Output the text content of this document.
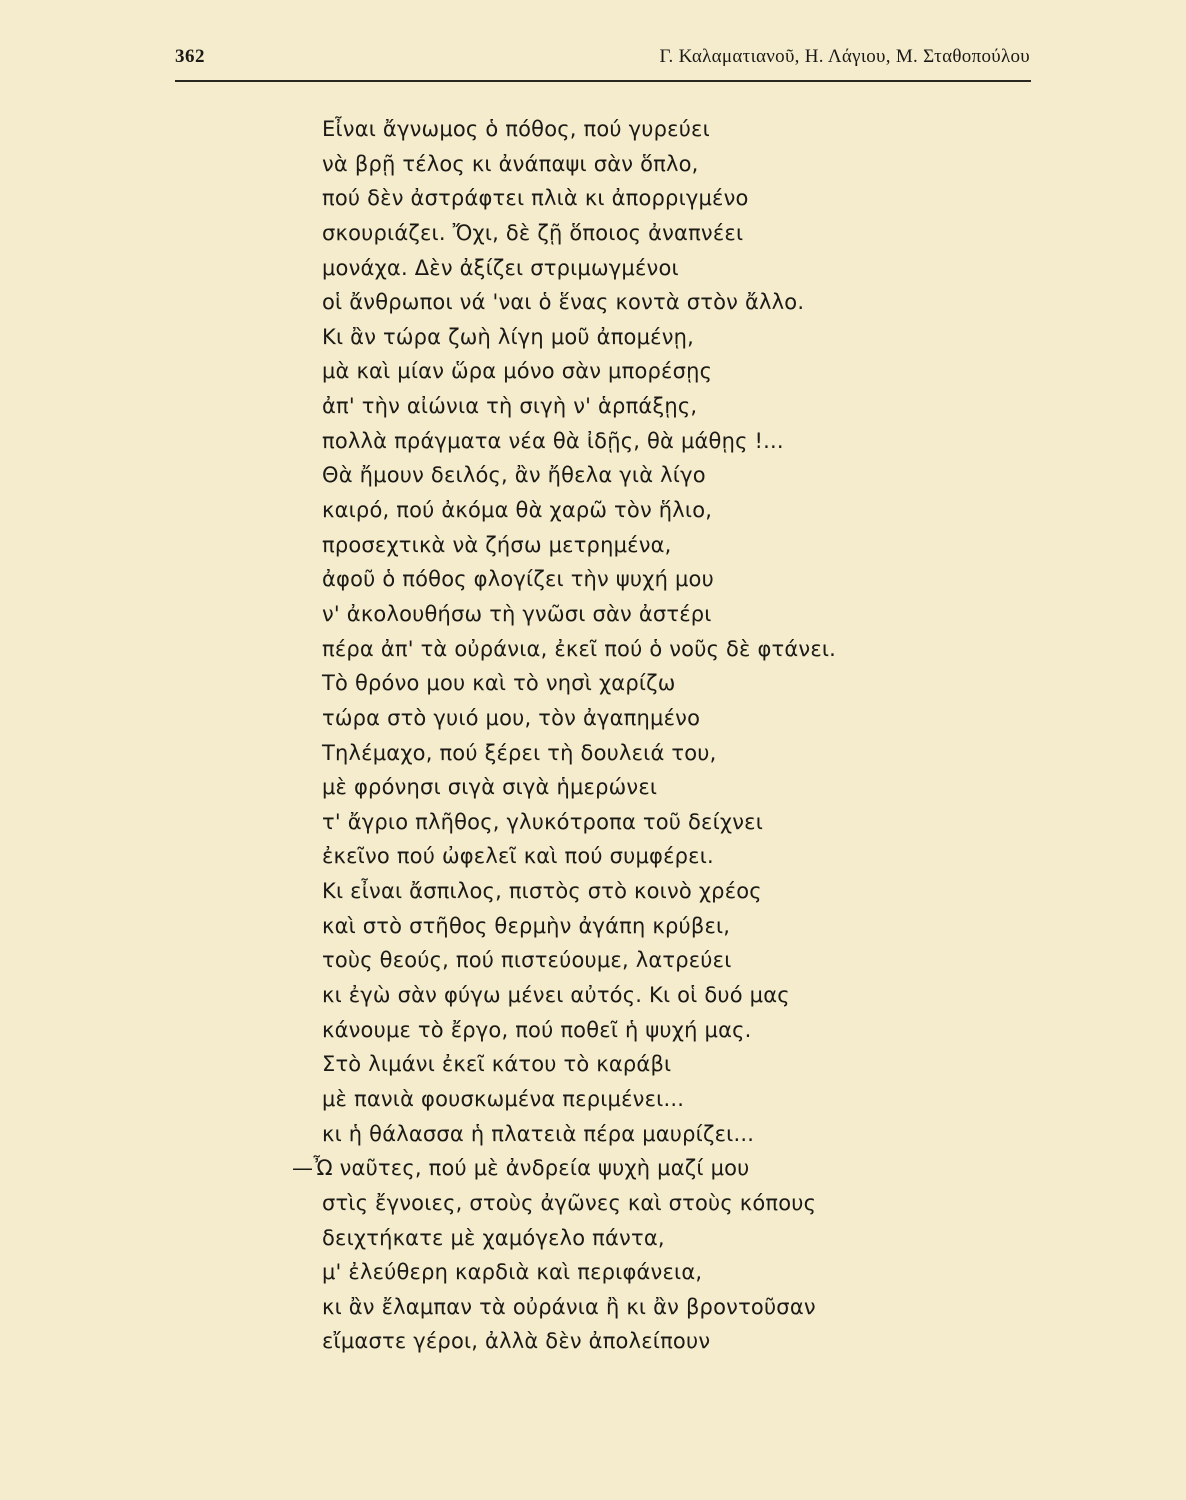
362	Γ. Καλαματιανοῦ, Η. Λάγιου, Μ. Σταθοπούλου
Εἶναι ἄγνωμος ὁ πόθος, πού γυρεύει
νὰ βρῇ τέλος κι ἀνάπαψι σὰν ὅπλο,
πού δὲν ἀστράφτει πλιὰ κι ἀπορριγμένο
σκουριάζει. Ὄχι, δὲ ζῇ ὅποιος ἀναπνέει
μονάχα. Δὲν ἀξίζει στριμωγμένοι
οἱ ἄνθρωποι νά 'ναι ὁ ἕνας κοντὰ στὸν ἄλλο.
Κι ἂν τώρα ζωὴ λίγη μοῦ ἀπομένῃ,
μὰ καὶ μίαν ὥρα μόνο σὰν μπορέσῃς
ἀπ' τὴν αἰώνια τὴ σιγὴ ν' ἁρπάξῃς,
πολλὰ πράγματα νέα θὰ ἰδῇς, θὰ μάθῃς !...
Θὰ ἤμουν δειλός, ἂν ἤθελα γιὰ λίγο
καιρό, πού ἀκόμα θὰ χαρῶ τὸν ἥλιο,
προσεχτικὰ νὰ ζήσω μετρημένα,
ἀφοῦ ὁ πόθος φλογίζει τὴν ψυχή μου
ν' ἀκολουθήσω τὴ γνῶσι σὰν ἀστέρι
πέρα ἀπ' τὰ οὐράνια, ἐκεῖ πού ὁ νοῦς δὲ φτάνει.
Τὸ θρόνο μου καὶ τὸ νησὶ χαρίζω
τώρα στὸ γυιό μου, τὸν ἀγαπημένο
Τηλέμαχο, πού ξέρει τὴ δουλειά του,
μὲ φρόνησι σιγὰ σιγὰ ἡμερώνει
τ' ἄγριο πλῆθος, γλυκότροπα τοῦ δείχνει
ἐκεῖνο πού ὠφελεῖ καὶ πού συμφέρει.
Κι εἶναι ἄσπιλος, πιστὸς στὸ κοινὸ χρέος
καὶ στὸ στῆθος θερμὴν ἀγάπη κρύβει,
τοὺς θεούς, πού πιστεύουμε, λατρεύει
κι ἐγὼ σὰν φύγω μένει αὐτός. Κι οἱ δυό μας
κάνουμε τὸ ἔργο, πού ποθεῖ ἡ ψυχή μας.
Στὸ λιμάνι ἐκεῖ κάτου τὸ καράβι
μὲ πανιὰ φουσκωμένα περιμένει...
κι ἡ θάλασσα ἡ πλατειὰ πέρα μαυρίζει...
—Ὦ ναῦτες, πού μὲ ἀνδρεία ψυχὴ μαζί μου
στὶς ἔγνοιες, στοὺς ἀγῶνες καὶ στοὺς κόπους
δειχτήκατε μὲ χαμόγελο πάντα,
μ' ἐλεύθερη καρδιὰ καὶ περιφάνεια,
κι ἂν ἔλαμπαν τὰ οὐράνια ἢ κι ἂν βροντοῦσαν
εἴμαστε γέροι, ἀλλὰ δὲν ἀπολείπουν
